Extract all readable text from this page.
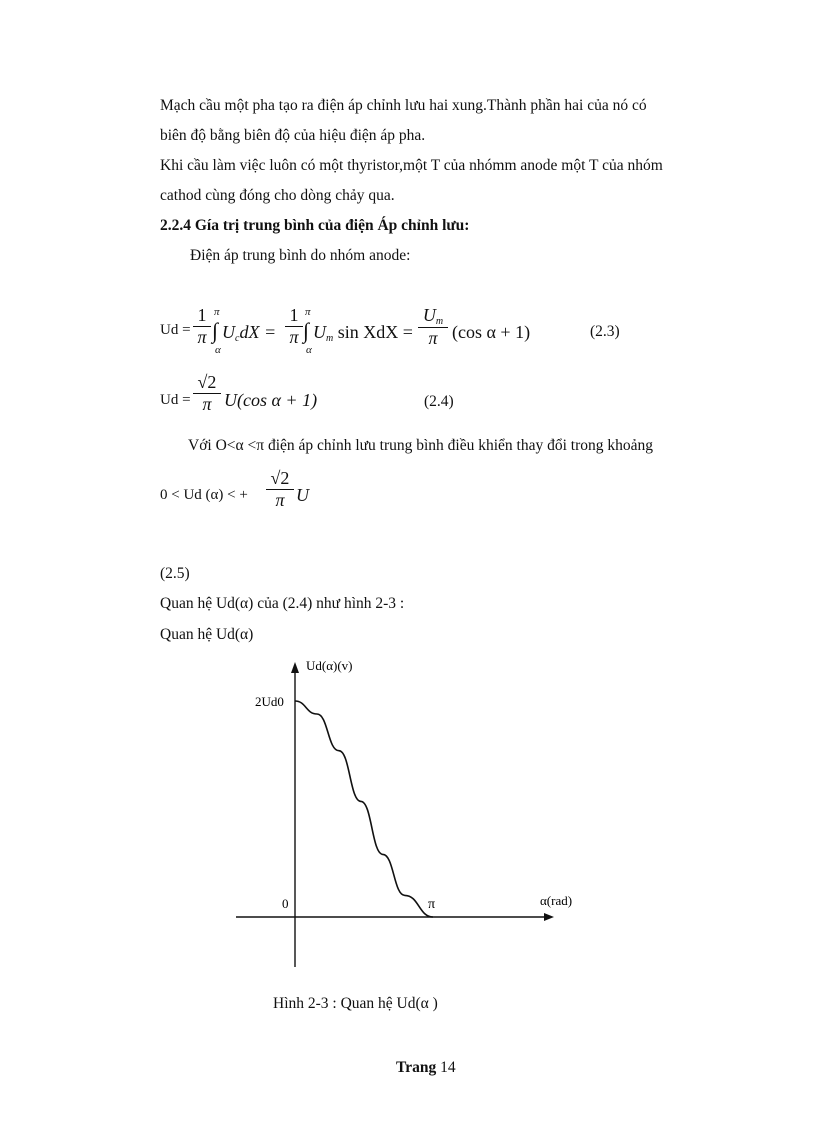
Mạch cầu một pha tạo ra điện áp chỉnh lưu hai xung.Thành phần hai của nó có
biên độ bằng biên độ của hiệu điện áp pha.
Khi cầu làm việc luôn có một thyristor,một T của nhómm anode một T của nhóm
cathod cùng đóng cho dòng chảy qua.
2.2.4 Gía trị trung bình của điện Áp chỉnh lưu:
Điện áp trung bình do nhóm anode:
$Ud = \frac{1}{\pi}$ π
∫
α
$U_cdX = \frac{1}{\pi}$ π
∫
α
$U_m$ sin XdX = $\frac{U_m}{\pi} (\cos$ α + 1)	(2.3)
$Ud = \frac{√2}{\pi} U(\cos$ α + 1)	(2.4)
Với O<α <π điện áp chỉnh lưu trung bình điều khiển thay đổi trong khoảng
0 < Ud (α) < + $\frac{√2}{\pi}$ U
(2.5)
Quan hệ Ud(α) của (2.4) như hình 2-3 :
Quan hệ Ud(α)
Ud(α)(v)
2Ud0
0	π	α(rad)
Hình 2-3 : Quan hệ Ud(α )
Trang 14
